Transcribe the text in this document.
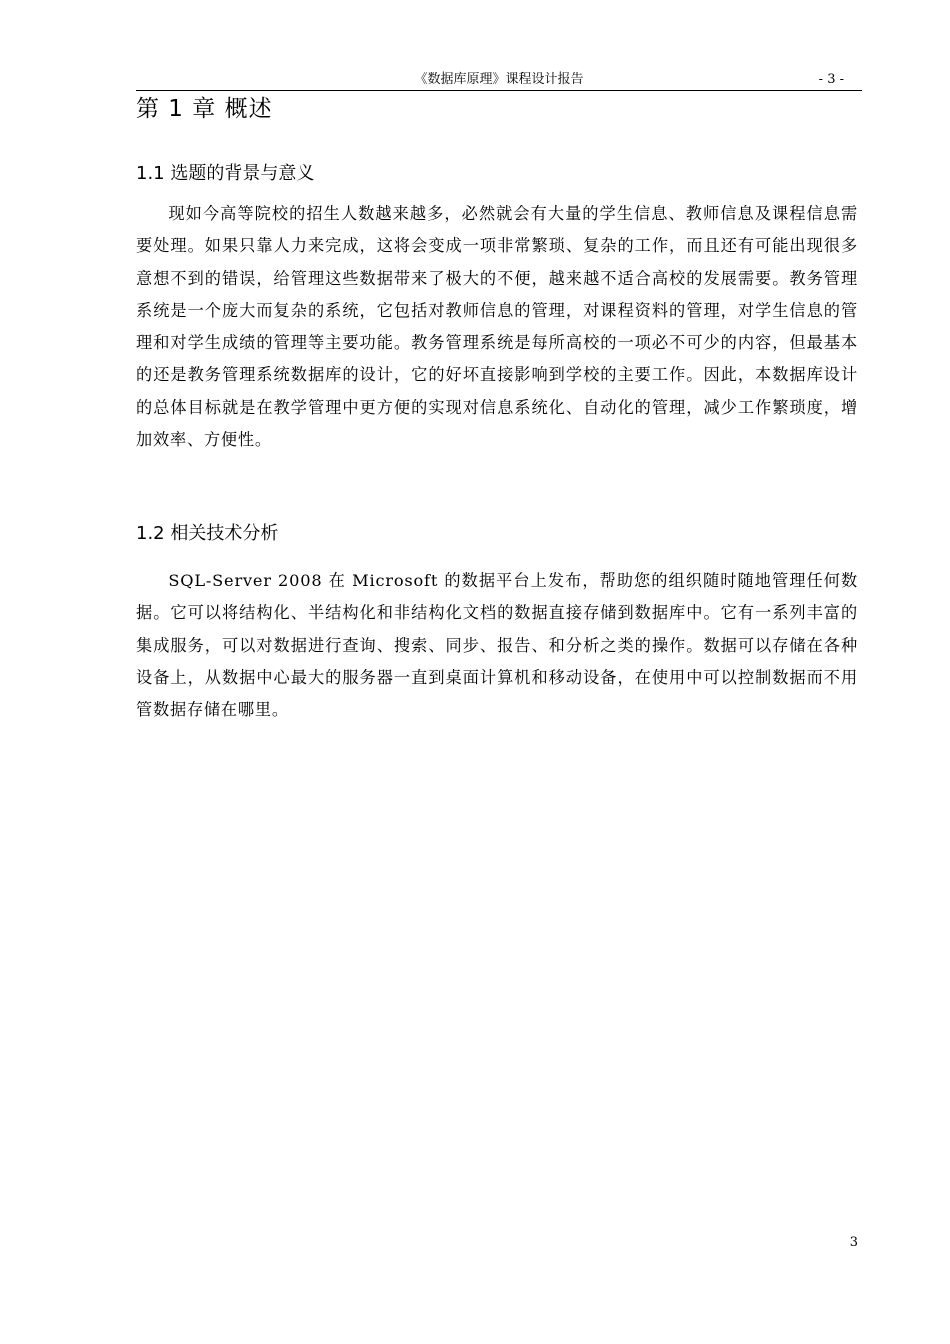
《数据库原理》课程设计报告	- 3 -
第 1 章 概述
1.1 选题的背景与意义

现如今高等院校的招生人数越来越多，必然就会有大量的学生信息、教师信息及课程信息需要处理。如果只靠人力来完成，这将会变成一项非常繁琐、复杂的工作，而且还有可能出现很多意想不到的错误，给管理这些数据带来了极大的不便，越来越不适合高校的发展需要。教务管理系统是一个庞大而复杂的系统，它包括对教师信息的管理，对课程资料的管理，对学生信息的管理和对学生成绩的管理等主要功能。教务管理系统是每所高校的一项必不可少的内容，但最基本的还是教务管理系统数据库的设计，它的好坏直接影响到学校的主要工作。因此，本数据库设计的总体目标就是在教学管理中更方便的实现对信息系统化、自动化的管理，减少工作繁琐度，增加效率、方便性。

1.2 相关技术分析

SQL-Server 2008 在 Microsoft 的数据平台上发布，帮助您的组织随时随地管理任何数据。它可以将结构化、半结构化和非结构化文档的数据直接存储到数据库中。它有一系列丰富的集成服务，可以对数据进行查询、搜索、同步、报告、和分析之类的操作。数据可以存储在各种设备上，从数据中心最大的服务器一直到桌面计算机和移动设备，在使用中可以控制数据而不用管数据存储在哪里。

3
